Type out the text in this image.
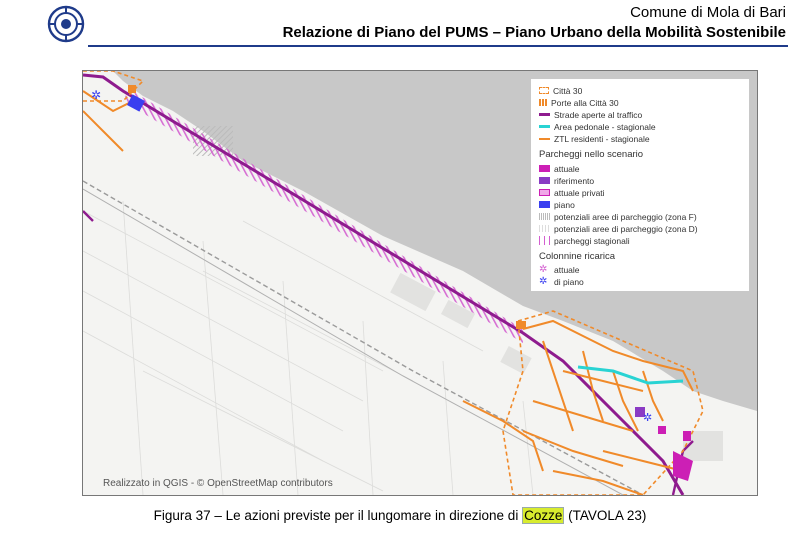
Comune di Mola di Bari
Relazione di Piano del PUMS – Piano Urbano della Mobilità Sostenibile
✲
✲
Città 30
Porte alla Città 30
Strade aperte al traffico
Area pedonale - stagionale
ZTL residenti - stagionale
Parcheggi nello scenario
attuale
riferimento
attuale privati
piano
potenziali aree di parcheggio (zona F)
potenziali aree di parcheggio (zona D)
parcheggi stagionali
Colonnine ricarica
✲ attuale
✲ di piano
Realizzato in QGIS - © OpenStreetMap contributors
Figura 37 – Le azioni previste per il lungomare in direzione di Cozze (TAVOLA 23)
